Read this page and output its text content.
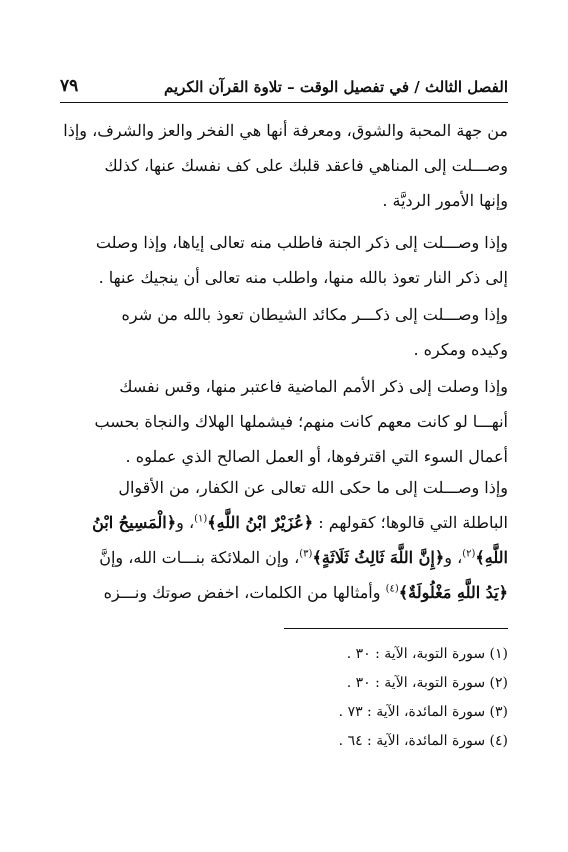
الفصل الثالث / في تفصيل الوقت – تلاوة القرآن الكريم
٧٩
من جهة المحبة والشوق، ومعرفة أنها هي الفخر والعز والشرف، وإذا
وصـــلت إلى المناهي فاعقد قلبك على كف نفسك عنها، كذلك
وإنها الأمور الرديَّة .
وإذا وصـــلت إلى ذكر الجنة فاطلب منه تعالى إياها، وإذا وصلت
إلى ذكر النار تعوذ بالله منها، واطلب منه تعالى أن ينجيك عنها .
وإذا وصـــلت إلى ذكـــر مكائد الشيطان تعوذ بالله من شره
وكيده ومكره .
وإذا وصلت إلى ذكر الأمم الماضية فاعتبر منها، وقس نفسك
أنهـــا لو كانت معهم كانت منهم؛ فيشملها الهلاك والنجاة بحسب
أعمال السوء التي اقترفوها، أو العمل الصالح الذي عملوه .
وإذا وصـــلت إلى ما حكى الله تعالى عن الكفار، من الأقوال
الباطلة التي قالوها؛ كقولهم : ﴿عُزَيْرٌ ابْنُ اللَّهِ﴾$^{(١)}$، و﴿الْمَسِيحُ ابْنُ
اللَّهِ﴾$^{(٢)}$، و﴿إِنَّ اللَّهَ ثَالِثُ ثَلَاثَةٍ﴾$^{(٣)}$، وإن الملائكة بنـــات الله، وإنَّ
﴿يَدُ اللَّهِ مَغْلُولَةٌ﴾$^{(٤)}$ وأمثالها من الكلمات، اخفض صوتك ونـــزه
(١) سورة التوبة، الآية : ٣٠ .
(٢) سورة التوبة، الآية : ٣٠ .
(٣) سورة المائدة، الآية : ٧٣ .
(٤) سورة المائدة، الآية : ٦٤ .
